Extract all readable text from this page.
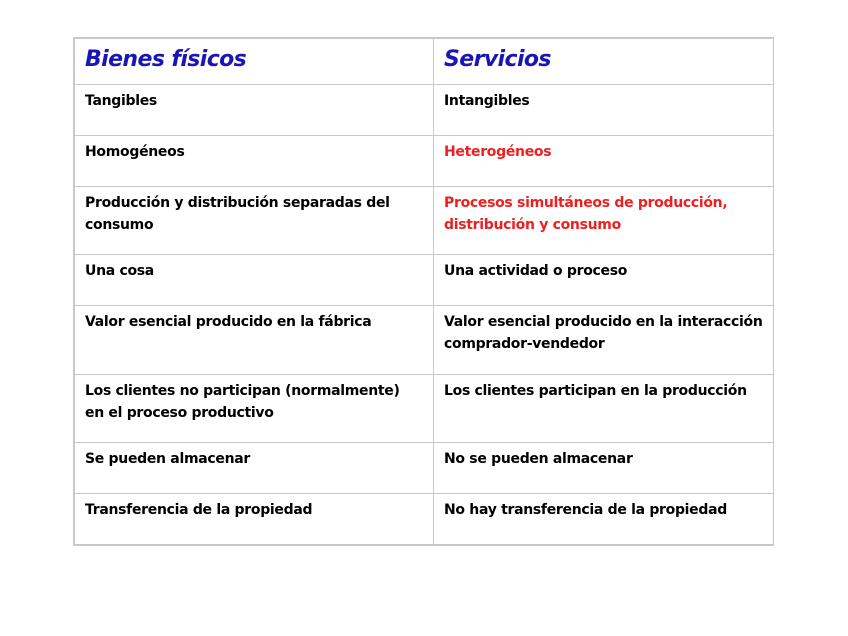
Bienes físicos	Servicios
Tangibles	Intangibles
Homogéneos	Heterogéneos
Producción y distribución separadas del consumo	Procesos simultáneos de producción, distribución y consumo
Una cosa	Una actividad o proceso
Valor esencial producido en la fábrica	Valor esencial producido en la interacción comprador-vendedor
Los clientes no participan (normalmente) en el proceso productivo	Los clientes participan en la producción
Se pueden almacenar	No se pueden almacenar
Transferencia de la propiedad	No hay transferencia de la propiedad
